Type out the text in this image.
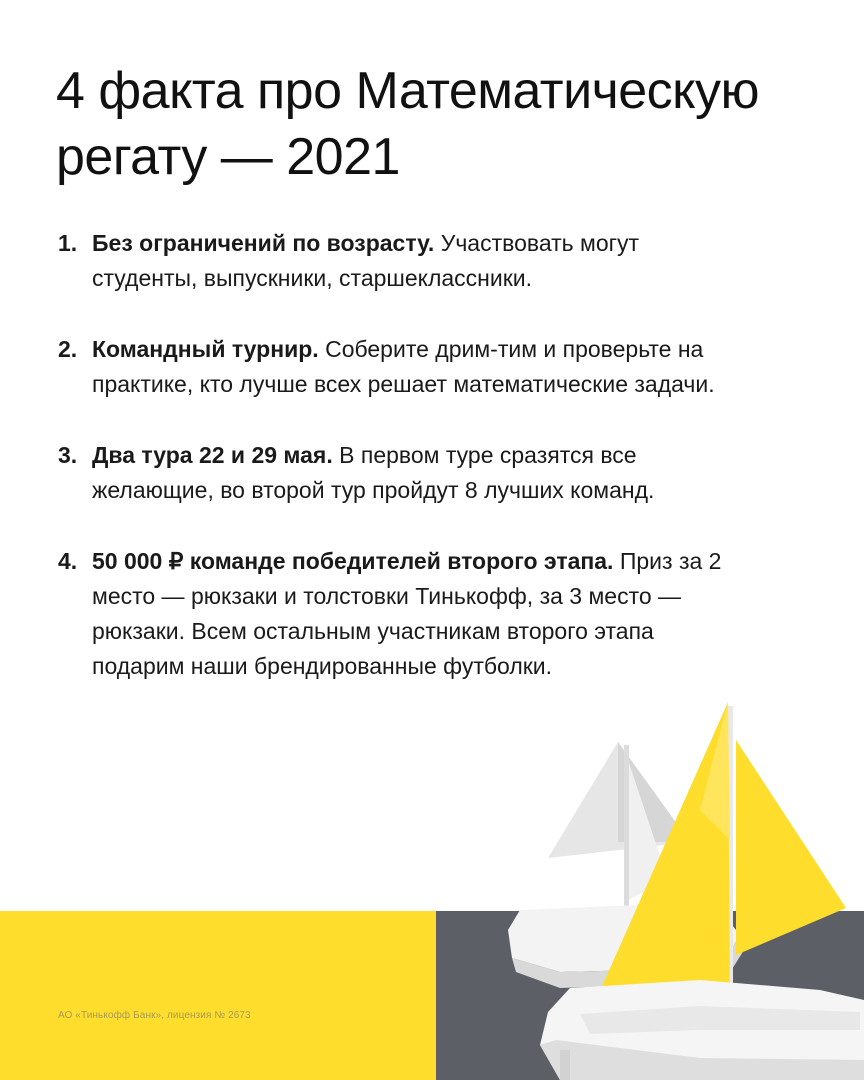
4 факта про Математическую регату — 2021
1. Без ограничений по возрасту. Участвовать могут студенты, выпускники, старшеклассники.
2. Командный турнир. Соберите дрим-тим и проверьте на практике, кто лучше всех решает математические задачи.
3. Два тура 22 и 29 мая. В первом туре сразятся все желающие, во второй тур пройдут 8 лучших команд.
4. 50 000 ₽ команде победителей второго этапа. Приз за 2 место — рюкзаки и толстовки Тинькофф, за 3 место — рюкзаки. Всем остальным участникам второго этапа подарим наши брендированные футболки.
АО «Тинькофф Банк», лицензия № 2673
